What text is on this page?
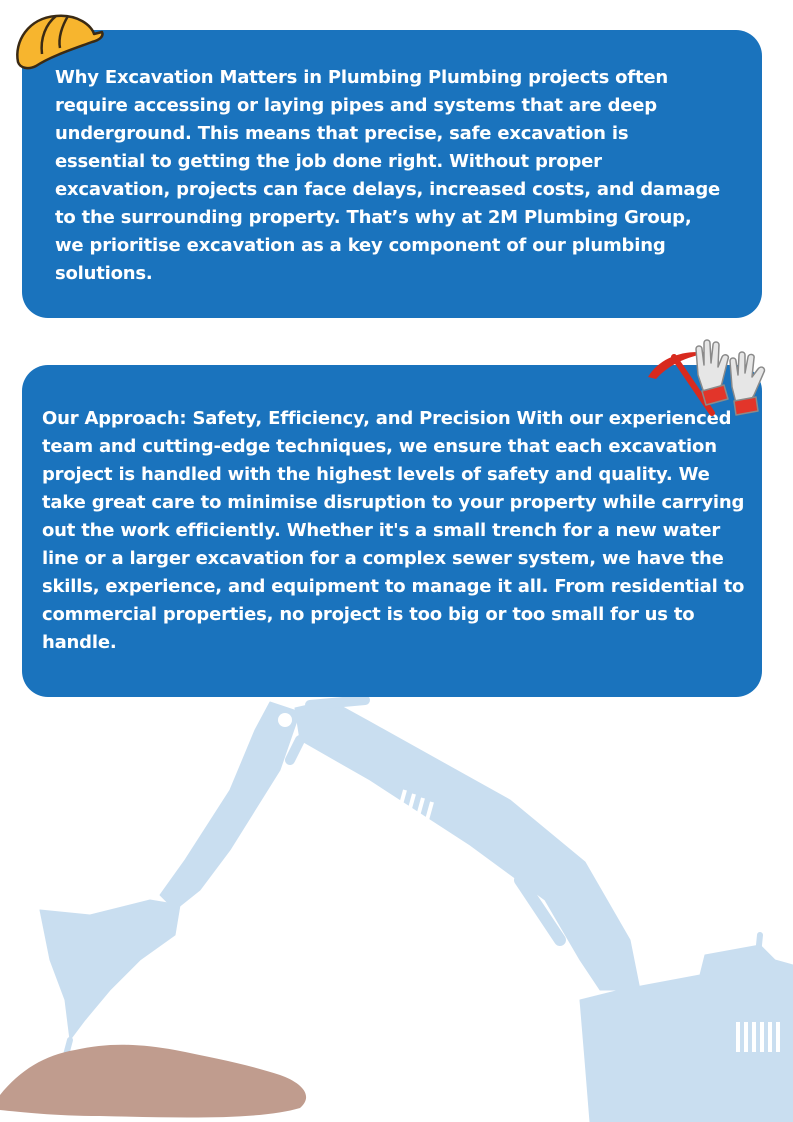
Why Excavation Matters in Plumbing Plumbing projects often require accessing or laying pipes and systems that are deep underground. This means that precise, safe excavation is essential to getting the job done right. Without proper excavation, projects can face delays, increased costs, and damage to the surrounding property. That’s why at 2M Plumbing Group, we prioritise excavation as a key component of our plumbing solutions.

Our Approach: Safety, Efficiency, and Precision With our experienced team and cutting-edge techniques, we ensure that each excavation project is handled with the highest levels of safety and quality. We take great care to minimise disruption to your property while carrying out the work efficiently. Whether it's a small trench for a new water line or a larger excavation for a complex sewer system, we have the skills, experience, and equipment to manage it all. From residential to commercial properties, no project is too big or too small for us to handle.
